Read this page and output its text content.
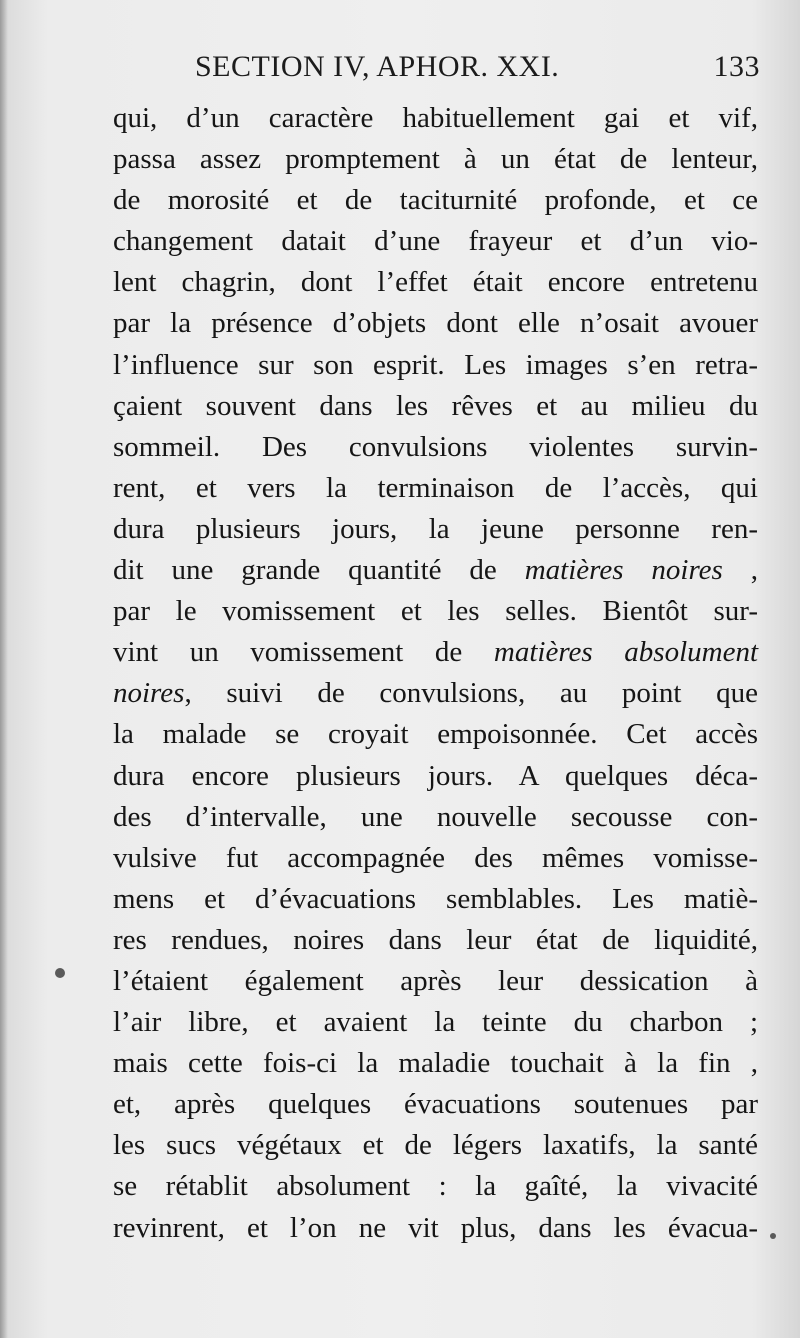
SECTION IV, APHOR. XXI.	133
qui, d’un caractère habituellement gai et vif,
passa assez promptement à un état de lenteur,
de morosité et de taciturnité profonde, et ce
changement datait d’une frayeur et d’un vio-
lent chagrin, dont l’effet était encore entretenu
par la présence d’objets dont elle n’osait avouer
l’influence sur son esprit. Les images s’en retra-
çaient souvent dans les rêves et au milieu du
sommeil. Des convulsions violentes survin-
rent, et vers la terminaison de l’accès, qui
dura plusieurs jours, la jeune personne ren-
dit une grande quantité de matières noires ,
par le vomissement et les selles. Bientôt sur-
vint un vomissement de matières absolument
noires, suivi de convulsions, au point que
la malade se croyait empoisonnée. Cet accès
dura encore plusieurs jours. A quelques déca-
des d’intervalle, une nouvelle secousse con-
vulsive fut accompagnée des mêmes vomisse-
mens et d’évacuations semblables. Les matiè-
res rendues, noires dans leur état de liquidité,
l’étaient également après leur dessication à
l’air libre, et avaient la teinte du charbon ;
mais cette fois-ci la maladie touchait à la fin ,
et, après quelques évacuations soutenues par
les sucs végétaux et de légers laxatifs, la santé
se rétablit absolument : la gaîté, la vivacité
revinrent, et l’on ne vit plus, dans les évacua-
